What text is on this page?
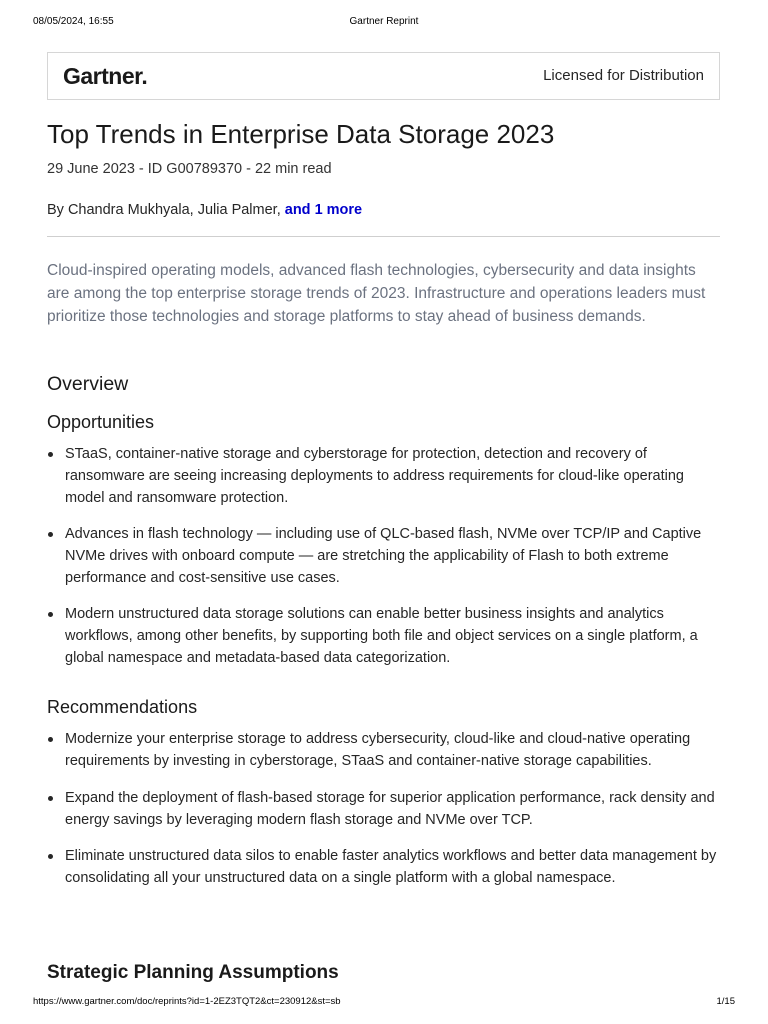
08/05/2024, 16:55	Gartner Reprint
Gartner.	Licensed for Distribution
Top Trends in Enterprise Data Storage 2023
29 June 2023 - ID G00789370 - 22 min read
By Chandra Mukhyala, Julia Palmer, and 1 more

Cloud-inspired operating models, advanced flash technologies, cybersecurity and data insights are among the top enterprise storage trends of 2023. Infrastructure and operations leaders must prioritize those technologies and storage platforms to stay ahead of business demands.

Overview
Opportunities
STaaS, container-native storage and cyberstorage for protection, detection and recovery of ransomware are seeing increasing deployments to address requirements for cloud-like operating model and ransomware protection.
Advances in flash technology — including use of QLC-based flash, NVMe over TCP/IP and Captive NVMe drives with onboard compute — are stretching the applicability of Flash to both extreme performance and cost-sensitive use cases.
Modern unstructured data storage solutions can enable better business insights and analytics workflows, among other benefits, by supporting both file and object services on a single platform, a global namespace and metadata-based data categorization.
Recommendations
Modernize your enterprise storage to address cybersecurity, cloud-like and cloud-native operating requirements by investing in cyberstorage, STaaS and container-native storage capabilities.
Expand the deployment of flash-based storage for superior application performance, rack density and energy savings by leveraging modern flash storage and NVMe over TCP.
Eliminate unstructured data silos to enable faster analytics workflows and better data management by consolidating all your unstructured data on a single platform with a global namespace.
Strategic Planning Assumptions
https://www.gartner.com/doc/reprints?id=1-2EZ3TQT2&ct=230912&st=sb	1/15
